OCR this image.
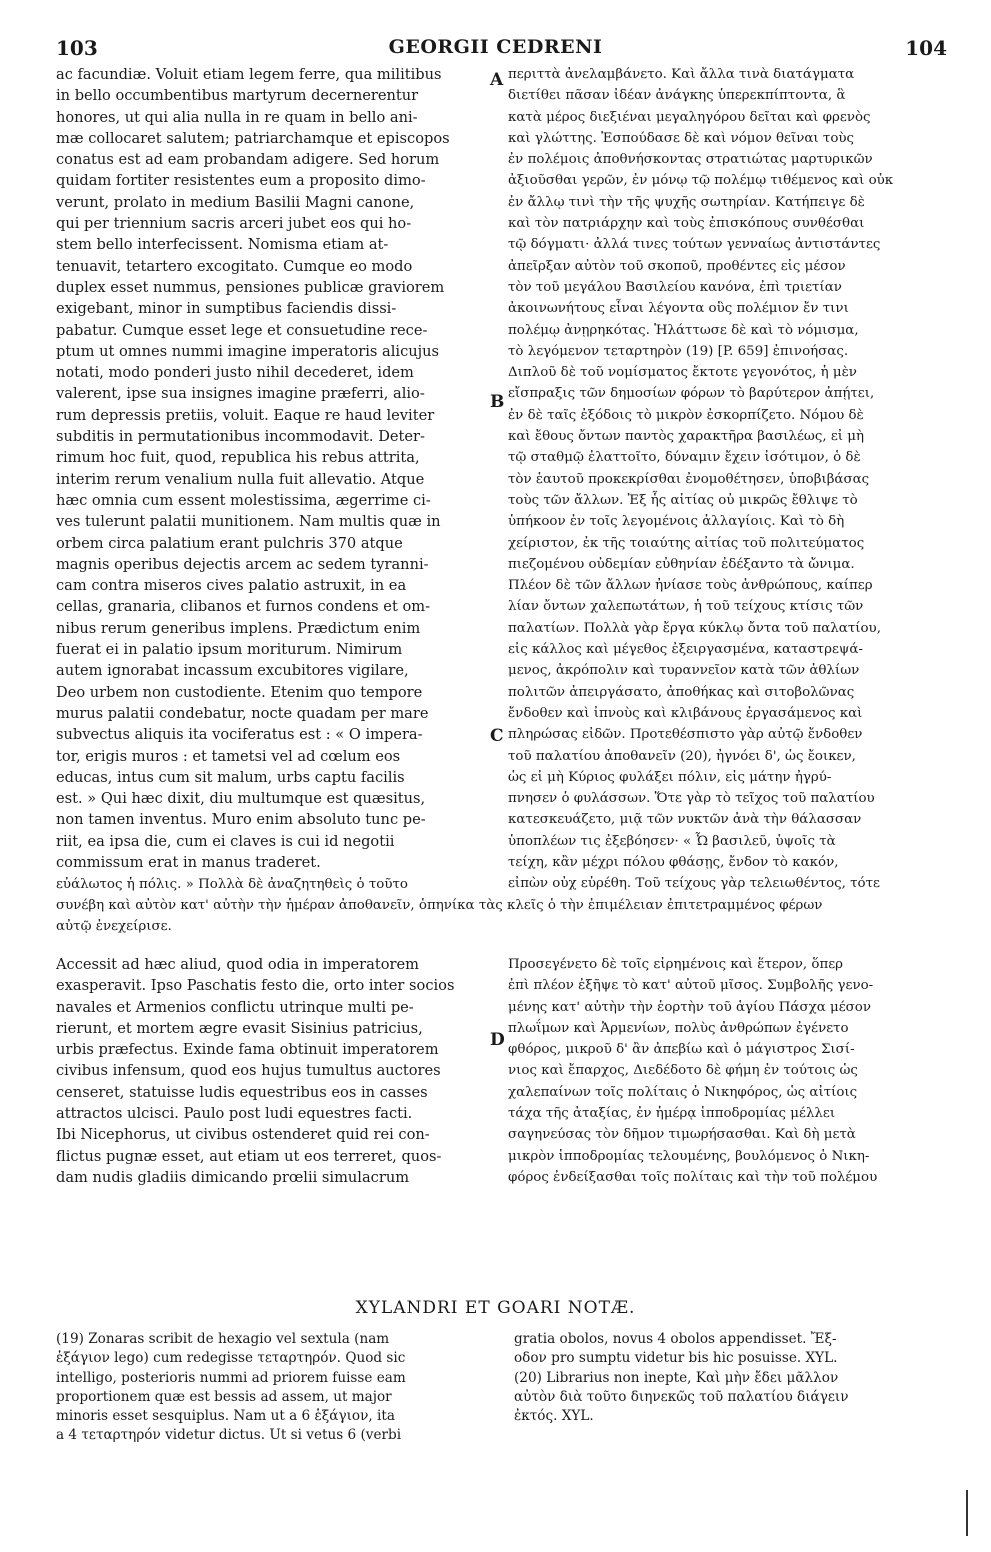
103	GEORGII CEDRENI	104
A
B
C
D
ac facundiæ. Voluit etiam legem ferre, qua militibus
in bello occumbentibus martyrum decernerentur
honores, ut qui alia nulla in re quam in bello ani-
mæ collocaret salutem; patriarchamque et episcopos
conatus est ad eam probandam adigere. Sed horum
quidam fortiter resistentes eum a proposito dimo-
verunt, prolato in medium Basilii Magni canone,
qui per triennium sacris arceri jubet eos qui ho-
stem bello interfecissent. Nomisma etiam at-
tenuavit, tetartero excogitato. Cumque eo modo
duplex esset nummus, pensiones publicæ graviorem
exigebant, minor in sumptibus faciendis dissi-
pabatur. Cumque esset lege et consuetudine rece-
ptum ut omnes nummi imagine imperatoris alicujus
notati, modo ponderi justo nihil decederet, idem
valerent, ipse sua insignes imagine præferri, alio-
rum depressis pretiis, voluit. Eaque re haud leviter
subditis in permutationibus incommodavit. Deter-
rimum hoc fuit, quod, republica his rebus attrita,
interim rerum venalium nulla fuit allevatio. Atque
hæc omnia cum essent molestissima, ægerrime ci-
ves tulerunt palatii munitionem. Nam multis quæ in
orbem circa palatium erant pulchris 370 atque
magnis operibus dejectis arcem ac sedem tyranni-
cam contra miseros cives palatio astruxit, in ea
cellas, granaria, clibanos et furnos condens et om-
nibus rerum generibus implens. Prædictum enim
fuerat ei in palatio ipsum moriturum. Nimirum
autem ignorabat incassum excubitores vigilare,
Deo urbem non custodiente. Etenim quo tempore
murus palatii condebatur, nocte quadam per mare
subvectus aliquis ita vociferatus est : « O impera-
tor, erigis muros : et tametsi vel ad cœlum eos
educas, intus cum sit malum, urbs captu facilis
est. » Qui hæc dixit, diu multumque est quæsitus,
non tamen inventus. Muro enim absoluto tunc pe-
riit, ea ipsa die, cum ei claves is cui id negotii
commissum erat in manus traderet.
περιττὰ ἀνελαμβάνετο. Καὶ ἄλλα τινὰ διατάγματα
διετίθει πᾶσαν ἰδέαν ἀνάγκης ὑπερεκπίπτοντα, ἃ
κατὰ μέρος διεξιέναι μεγαληγόρου δεῖται καὶ φρενὸς
καὶ γλώττης. Ἐσπούδασε δὲ καὶ νόμον θεῖναι τοὺς
ἐν πολέμοις ἀποθνήσκοντας στρατιώτας μαρτυρικῶν
ἀξιοῦσθαι γερῶν, ἐν μόνῳ τῷ πολέμῳ τιθέμενος καὶ οὐκ
ἐν ἄλλῳ τινὶ τὴν τῆς ψυχῆς σωτηρίαν. Κατήπειγε δὲ
καὶ τὸν πατριάρχην καὶ τοὺς ἐπισκόπους συνθέσθαι
τῷ δόγματι· ἀλλά τινες τούτων γενναίως ἀντιστάντες
ἀπεῖρξαν αὐτὸν τοῦ σκοποῦ, προθέντες εἰς μέσον
τὸν τοῦ μεγάλου Βασιλείου κανόνα, ἐπὶ τριετίαν
ἀκοινωνήτους εἶναι λέγοντα οὓς πολέμιον ἔν τινι
πολέμῳ ἀνῃρηκότας. Ἠλάττωσε δὲ καὶ τὸ νόμισμα,
τὸ λεγόμενον τεταρτηρὸν (19) [P. 659] ἐπινοήσας.
Διπλοῦ δὲ τοῦ νομίσματος ἔκτοτε γεγονότος, ἡ μὲν
εἴσπραξις τῶν δημοσίων φόρων τὸ βαρύτερον ἀπῄτει,
ἐν δὲ ταῖς ἐξόδοις τὸ μικρὸν ἐσκορπίζετο. Νόμου δὲ
καὶ ἔθους ὄντων παντὸς χαρακτῆρα βασιλέως, εἰ μὴ
τῷ σταθμῷ ἐλαττοῖτο, δύναμιν ἔχειν ἰσότιμον, ὁ δὲ
τὸν ἑαυτοῦ προκεκρίσθαι ἐνομοθέτησεν, ὑποβιβάσας
τοὺς τῶν ἄλλων. Ἐξ ἧς αἰτίας οὐ μικρῶς ἔθλιψε τὸ
ὑπήκοον ἐν τοῖς λεγομένοις ἀλλαγίοις. Καὶ τὸ δὴ
χείριστον, ἐκ τῆς τοιαύτης αἰτίας τοῦ πολιτεύματος
πιεζομένου οὐδεμίαν εὐθηνίαν ἐδέξαντο τὰ ὤνιμα.
Πλέον δὲ τῶν ἄλλων ἠνίασε τοὺς ἀνθρώπους, καίπερ
λίαν ὄντων χαλεπωτάτων, ἡ τοῦ τείχους κτίσις τῶν
παλατίων. Πολλὰ γὰρ ἔργα κύκλῳ ὄντα τοῦ παλατίου,
εἰς κάλλος καὶ μέγεθος ἐξειργασμένα, καταστρεψά-
μενος, ἀκρόπολιν καὶ τυραννεῖον κατὰ τῶν ἀθλίων
πολιτῶν ἀπειργάσατο, ἀποθήκας καὶ σιτοβολῶνας
ἔνδοθεν καὶ ἰπνοὺς καὶ κλιβάνους ἐργασάμενος καὶ
πληρώσας εἰδῶν. Προτεθέσπιστο γὰρ αὐτῷ ἔνδοθεν
τοῦ παλατίου ἀποθανεῖν (20), ἠγνόει δ', ὡς ἔοικεν,
ὡς εἰ μὴ Κύριος φυλάξει πόλιν, εἰς μάτην ἠγρύ-
πνησεν ὁ φυλάσσων. Ὅτε γὰρ τὸ τεῖχος τοῦ παλατίου
κατεσκευάζετο, μιᾷ τῶν νυκτῶν ἀνὰ τὴν θάλασσαν
ὑποπλέων τις ἐξεβόησεν· « Ὦ βασιλεῦ, ὑψοῖς τὰ
τείχη, κἂν μέχρι πόλου φθάσῃς, ἔνδον τὸ κακόν,
εἰπὼν οὐχ εὑρέθη. Τοῦ τείχους γὰρ τελειωθέντος, τότε
εὐάλωτος ἡ πόλις. » Πολλὰ δὲ ἀναζητηθεὶς ὁ τοῦτο
συνέβη καὶ αὐτὸν κατ' αὐτὴν τὴν ἡμέραν ἀποθανεῖν, ὁπηνίκα τὰς κλεῖς ὁ τὴν ἐπιμέλειαν ἐπιτετραμμένος φέρων
αὐτῷ ἐνεχείρισε.
Accessit ad hæc aliud, quod odia in imperatorem
exasperavit. Ipso Paschatis festo die, orto inter socios
navales et Armenios conflictu utrinque multi pe-
rierunt, et mortem ægre evasit Sisinius patricius,
urbis præfectus. Exinde fama obtinuit imperatorem
civibus infensum, quod eos hujus tumultus auctores
censeret, statuisse ludis equestribus eos in casses
attractos ulcisci. Paulo post ludi equestres facti.
Ibi Nicephorus, ut civibus ostenderet quid rei con-
flictus pugnæ esset, aut etiam ut eos terreret, quos-
dam nudis gladiis dimicando prœlii simulacrum
Προσεγένετο δὲ τοῖς εἰρημένοις καὶ ἕτερον, ὅπερ
ἐπὶ πλέον ἐξῆψε τὸ κατ' αὐτοῦ μῖσος. Συμβολῆς γενο-
μένης κατ' αὐτὴν τὴν ἑορτὴν τοῦ ἁγίου Πάσχα μέσον
πλωΐμων καὶ Ἀρμενίων, πολὺς ἀνθρώπων ἐγένετο
φθόρος, μικροῦ δ' ἂν ἀπεβίω καὶ ὁ μάγιστρος Σισί-
νιος καὶ ἔπαρχος, Διεδέδοτο δὲ φήμη ἐν τούτοις ὡς
χαλεπαίνων τοῖς πολίταις ὁ Νικηφόρος, ὡς αἰτίοις
τάχα τῆς ἀταξίας, ἐν ἡμέρᾳ ἱπποδρομίας μέλλει
σαγηνεύσας τὸν δῆμον τιμωρήσασθαι. Καὶ δὴ μετὰ
μικρὸν ἱπποδρομίας τελουμένης, βουλόμενος ὁ Νικη-
φόρος ἐνδείξασθαι τοῖς πολίταις καὶ τὴν τοῦ πολέμου
XYLANDRI ET GOARI NOTÆ.
(19) Zonaras scribit de hexagio vel sextula (nam
ἑξάγιον lego) cum redegisse τεταρτηρόν. Quod sic
intelligo, posterioris nummi ad priorem fuisse eam
proportionem quæ est bessis ad assem, ut major
minoris esset sesquiplus. Nam ut a 6 ἑξάγιον, ita
a 4 τεταρτηρόν videtur dictus. Ut si vetus 6 (verbi
gratia obolos, novus 4 obolos appendisset. Ἔξ-
οδον pro sumptu videtur bis hic posuisse. XYL.
(20) Librarius non inepte, Καὶ μὴν ἔδει μᾶλλον
αὐτὸν διὰ τοῦτο διηνεκῶς τοῦ παλατίου διάγειν
ἐκτός. XYL.
